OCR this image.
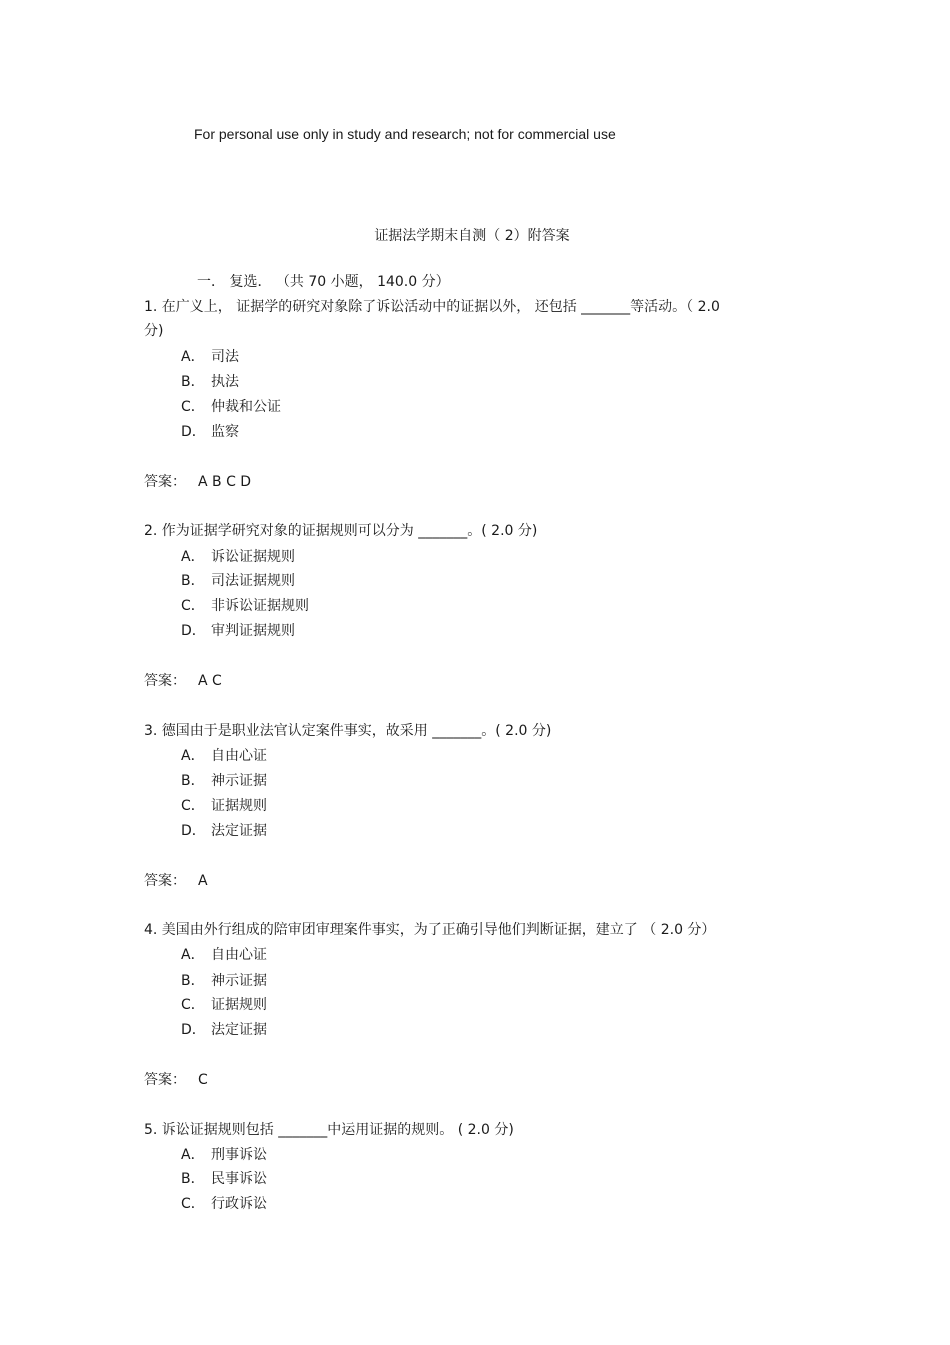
For personal use only in study and research; not for commercial use
证据法学期末自测（ 2）附答案
一． 复选． （共 70 小题， 140.0 分）
1. 在广义上， 证据学的研究对象除了诉讼活动中的证据以外， 还包括 _______等活动。（ 2.0
分)
A． 司法
B． 执法
C． 仲裁和公证
D． 监察
答案： A B C D
2. 作为证据学研究对象的证据规则可以分为 _______。( 2.0 分)
A． 诉讼证据规则
B． 司法证据规则
C． 非诉讼证据规则
D． 审判证据规则
答案： A C
3. 德国由于是职业法官认定案件事实，故采用 _______。( 2.0 分)
A． 自由心证
B． 神示证据
C． 证据规则
D． 法定证据
答案： A
4. 美国由外行组成的陪审团审理案件事实，为了正确引导他们判断证据，建立了 （ 2.0 分）
A． 自由心证
B． 神示证据
C． 证据规则
D． 法定证据
答案： C
5. 诉讼证据规则包括 _______中运用证据的规则。 ( 2.0 分)
A． 刑事诉讼
B． 民事诉讼
C． 行政诉讼
